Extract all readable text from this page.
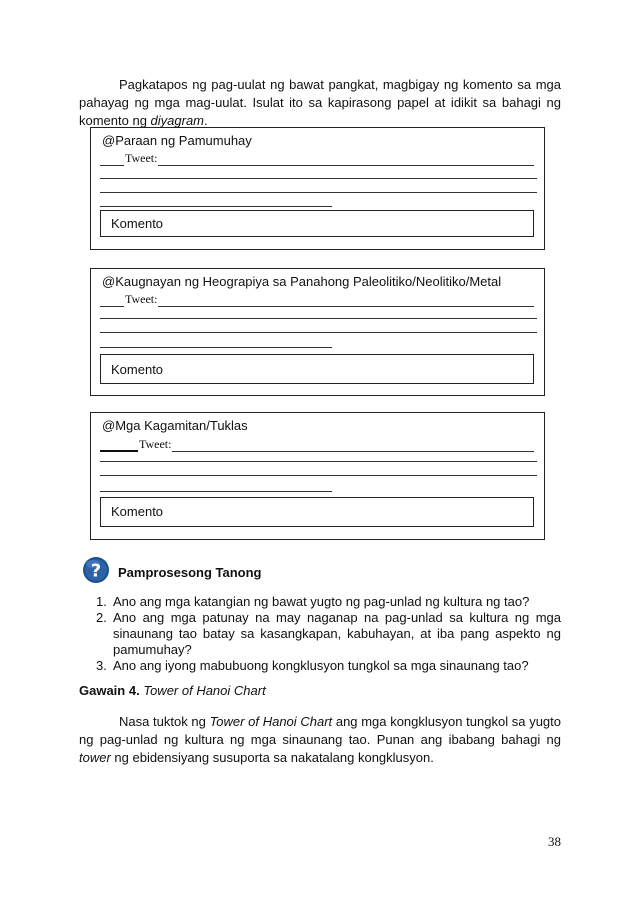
Pagkatapos ng pag-uulat ng bawat pangkat, magbigay ng komento sa mga pahayag ng mga mag-uulat. Isulat ito sa kapirasong papel at idikit sa bahagi ng komento ng diyagram.
@Paraan ng Pamumuhay
Tweet:
Komento
@Kaugnayan ng Heograpiya sa Panahong Paleolitiko/Neolitiko/Metal
Tweet:
Komento
@Mga Kagamitan/Tuklas
Tweet:
Komento
? Pamprosesong Tanong
1. Ano ang mga katangian ng bawat yugto ng pag-unlad ng kultura ng tao?
2. Ano ang mga patunay na may naganap na pag-unlad sa kultura ng mga sinaunang tao batay sa kasangkapan, kabuhayan, at iba pang aspekto ng pamumuhay?
3. Ano ang iyong mabubuong kongklusyon tungkol sa mga sinaunang tao?
Gawain 4. Tower of Hanoi Chart
Nasa tuktok ng Tower of Hanoi Chart ang mga kongklusyon tungkol sa yugto ng pag-unlad ng kultura ng mga sinaunang tao. Punan ang ibabang bahagi ng tower ng ebidensiyang susuporta sa nakatalang kongklusyon.
38
